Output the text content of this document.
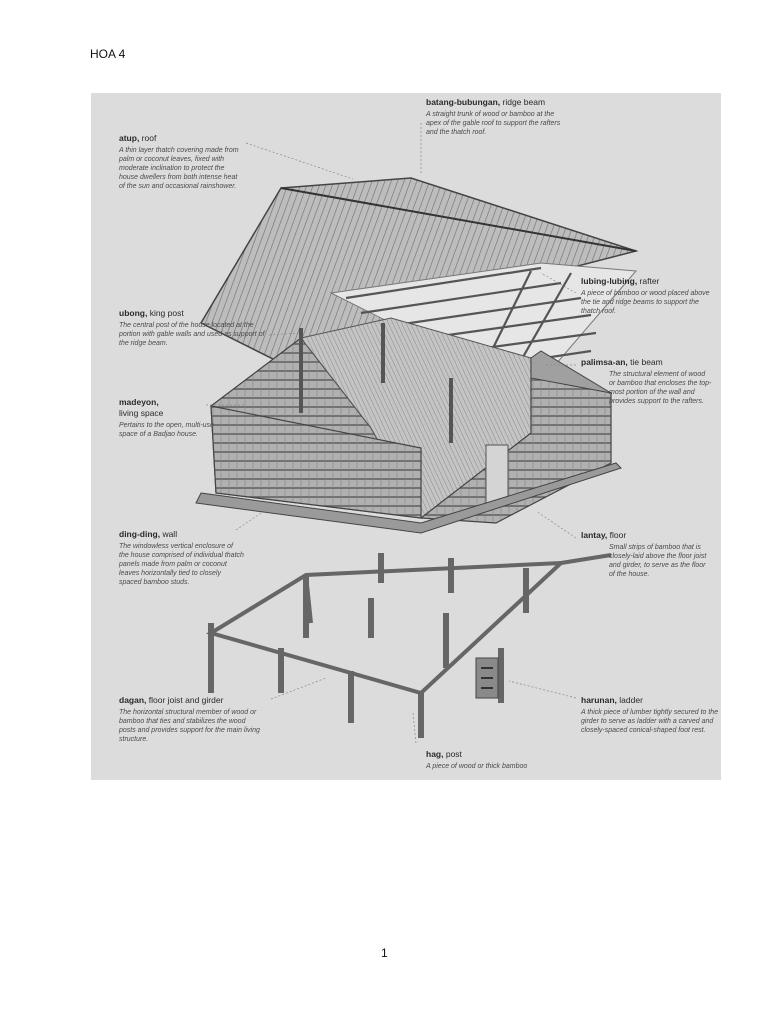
HOA 4
batang-bubungan, ridge beam
A straight trunk of wood or bamboo at the apex of the gable roof to support the rafters and the thatch roof.
atup, roof
A thin layer thatch covering made from palm or coconut leaves, fixed with moderate inclination to protect the house dwellers from both intense heat of the sun and occasional rainshower.
lubing-lubing, rafter
A piece of bamboo or wood placed above the tie and ridge beams to support the thatch roof.
ubong, king post
The central post of the house located at the portion with gable walls and used as support of the ridge beam.
palimsa-an, tie beam
The structural element of wood or bamboo that encloses the top-most portion of the wall and provides support to the rafters.
madeyon,
living space
Pertains to the open, multi-use space of a Badjao house.
ding-ding, wall
The windowless vertical enclosure of the house comprised of individual thatch panels made from palm or coconut leaves horizontally tied to closely spaced bamboo studs.
lantay, floor
Small strips of bamboo that is closely-laid above the floor joist and girder, to serve as the floor of the house.
dagan, floor joist and girder
The horizontal structural member of wood or bamboo that ties and stabilizes the wood posts and provides support for the main living structure.
harunan, ladder
A thick piece of lumber tightly secured to the girder to serve as ladder with a carved and closely-spaced conical-shaped foot rest.
hag, post
A piece of wood or thick bamboo
1
